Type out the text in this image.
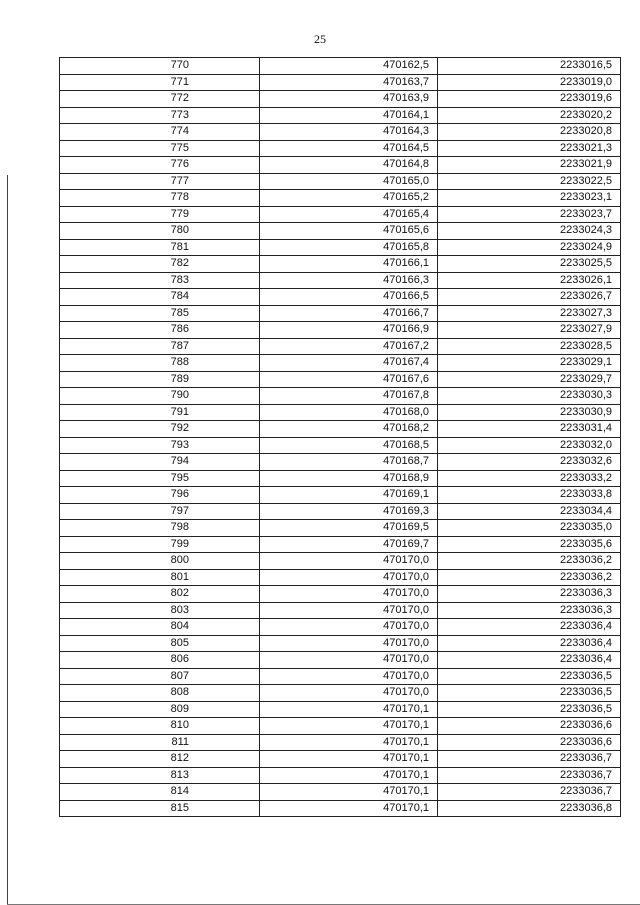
25
770	470162,5	2233016,5
771	470163,7	2233019,0
772	470163,9	2233019,6
773	470164,1	2233020,2
774	470164,3	2233020,8
775	470164,5	2233021,3
776	470164,8	2233021,9
777	470165,0	2233022,5
778	470165,2	2233023,1
779	470165,4	2233023,7
780	470165,6	2233024,3
781	470165,8	2233024,9
782	470166,1	2233025,5
783	470166,3	2233026,1
784	470166,5	2233026,7
785	470166,7	2233027,3
786	470166,9	2233027,9
787	470167,2	2233028,5
788	470167,4	2233029,1
789	470167,6	2233029,7
790	470167,8	2233030,3
791	470168,0	2233030,9
792	470168,2	2233031,4
793	470168,5	2233032,0
794	470168,7	2233032,6
795	470168,9	2233033,2
796	470169,1	2233033,8
797	470169,3	2233034,4
798	470169,5	2233035,0
799	470169,7	2233035,6
800	470170,0	2233036,2
801	470170,0	2233036,2
802	470170,0	2233036,3
803	470170,0	2233036,3
804	470170,0	2233036,4
805	470170,0	2233036,4
806	470170,0	2233036,4
807	470170,0	2233036,5
808	470170,0	2233036,5
809	470170,1	2233036,5
810	470170,1	2233036,6
811	470170,1	2233036,6
812	470170,1	2233036,7
813	470170,1	2233036,7
814	470170,1	2233036,7
815	470170,1	2233036,8
